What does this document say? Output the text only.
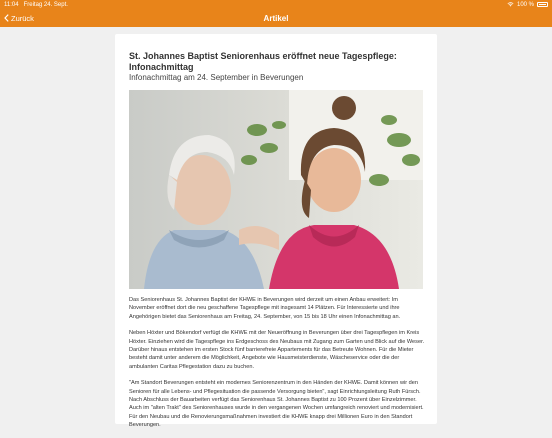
11:04 Freitag 24. Sept.	100 %
Zurück	Artikel
St. Johannes Baptist Seniorenhaus eröffnet neue Tagespflege: Infonachmittag
Infonachmittag am 24. September in Beverungen

Das Seniorenhaus St. Johannes Baptist der KHWE in Beverungen wird derzeit um einen Anbau erweitert: Im November eröffnet dort die neu geschaffene Tagespflege mit insgesamt 14 Plätzen. Für Interessierte und ihre Angehörigen bietet das Seniorenhaus am Freitag, 24. September, von 15 bis 18 Uhr einen Infonachmittag an.

Neben Höxter und Bökendorf verfügt die KHWE mit der Neueröffnung in Beverungen über drei Tagespflegen im Kreis Höxter. Einziehen wird die Tagespflege ins Erdgeschoss des Neubaus mit Zugang zum Garten und Blick auf die Weser. Darüber hinaus entstehen im ersten Stock fünf barrierefreie Appartements für das Betreute Wohnen. Für die Mieter besteht damit unter anderem die Möglichkeit, Angebote wie Hausmeisterdienste, Wäscheservice oder die der ambulanten Caritas Pflegestation dazu zu buchen.

"Am Standort Beverungen entsteht ein modernes Seniorenzentrum in den Händen der KHWE. Damit können wir den Senioren für alle Lebens- und Pflegesituation die passende Versorgung bieten", sagt Einrichtungsleitung Ruth Fürsch. Nach Abschluss der Bauarbeiten verfügt das Seniorenhaus St. Johannes Baptist zu 100 Prozent über Einzelzimmer. Auch im "alten Trakt" des Seniorenhauses wurde in den vergangenen Wochen umfangreich renoviert und modernisiert. Für den Neubau und die Renovierungsmaßnahmen investiert die KHWE knapp drei Millionen Euro in den Standort Beverungen.
